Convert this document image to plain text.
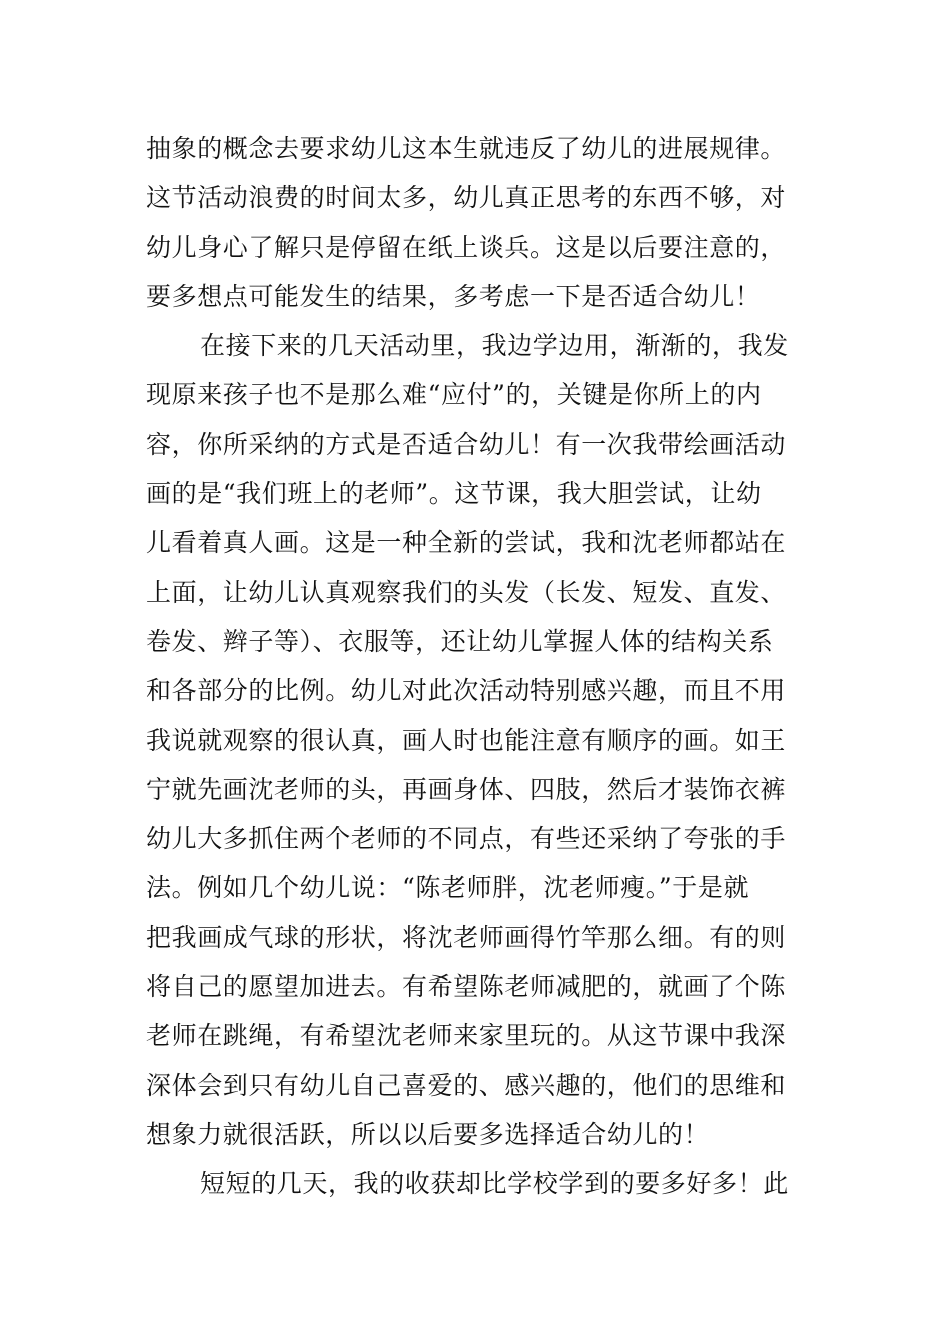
抽象的概念去要求幼儿这本生就违反了幼儿的进展规律。
这节活动浪费的时间太多，幼儿真正思考的东西不够，对
幼儿身心了解只是停留在纸上谈兵。这是以后要注意的，
要多想点可能发生的结果，多考虑一下是否适合幼儿！
在接下来的几天活动里，我边学边用，渐渐的，我发
现原来孩子也不是那么难“应付”的，关键是你所上的内
容，你所采纳的方式是否适合幼儿！有一次我带绘画活动
画的是“我们班上的老师”。这节课，我大胆尝试，让幼
儿看着真人画。这是一种全新的尝试，我和沈老师都站在
上面，让幼儿认真观察我们的头发（长发、短发、直发、
卷发、辫子等）、衣服等，还让幼儿掌握人体的结构关系
和各部分的比例。幼儿对此次活动特别感兴趣，而且不用
我说就观察的很认真，画人时也能注意有顺序的画。如王
宁就先画沈老师的头，再画身体、四肢，然后才装饰衣裤
幼儿大多抓住两个老师的不同点，有些还采纳了夸张的手
法。例如几个幼儿说：“陈老师胖，沈老师瘦。”于是就
把我画成气球的形状，将沈老师画得竹竿那么细。有的则
将自己的愿望加进去。有希望陈老师减肥的，就画了个陈
老师在跳绳，有希望沈老师来家里玩的。从这节课中我深
深体会到只有幼儿自己喜爱的、感兴趣的，他们的思维和
想象力就很活跃，所以以后要多选择适合幼儿的！
短短的几天，我的收获却比学校学到的要多好多！此
